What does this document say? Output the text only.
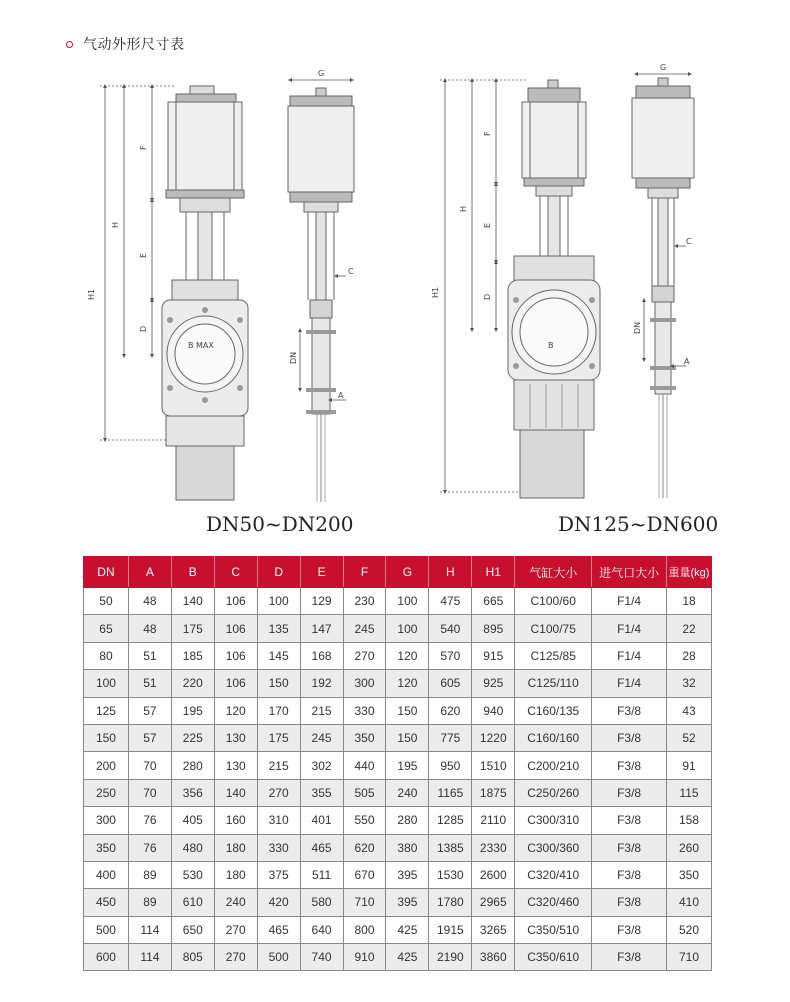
气动外形尺寸表
H1
H
F
E
D
B MAX
G
C
DN
A
H1
H
F
E
D
B
G
C
DN
A
DN50~DN200	DN125~DN600
DN	A	B	C	D	E	F	G	H	H1	气缸大小	进气口大小	重量(kg)
50	48	140	106	100	129	230	100	475	665	C100/60	F1/4	18
65	48	175	106	135	147	245	100	540	895	C100/75	F1/4	22
80	51	185	106	145	168	270	120	570	915	C125/85	F1/4	28
100	51	220	106	150	192	300	120	605	925	C125/110	F1/4	32
125	57	195	120	170	215	330	150	620	940	C160/135	F3/8	43
150	57	225	130	175	245	350	150	775	1220	C160/160	F3/8	52
200	70	280	130	215	302	440	195	950	1510	C200/210	F3/8	91
250	70	356	140	270	355	505	240	1165	1875	C250/260	F3/8	115
300	76	405	160	310	401	550	280	1285	2110	C300/310	F3/8	158
350	76	480	180	330	465	620	380	1385	2330	C300/360	F3/8	260
400	89	530	180	375	511	670	395	1530	2600	C320/410	F3/8	350
450	89	610	240	420	580	710	395	1780	2965	C320/460	F3/8	410
500	114	650	270	465	640	800	425	1915	3265	C350/510	F3/8	520
600	114	805	270	500	740	910	425	2190	3860	C350/610	F3/8	710
